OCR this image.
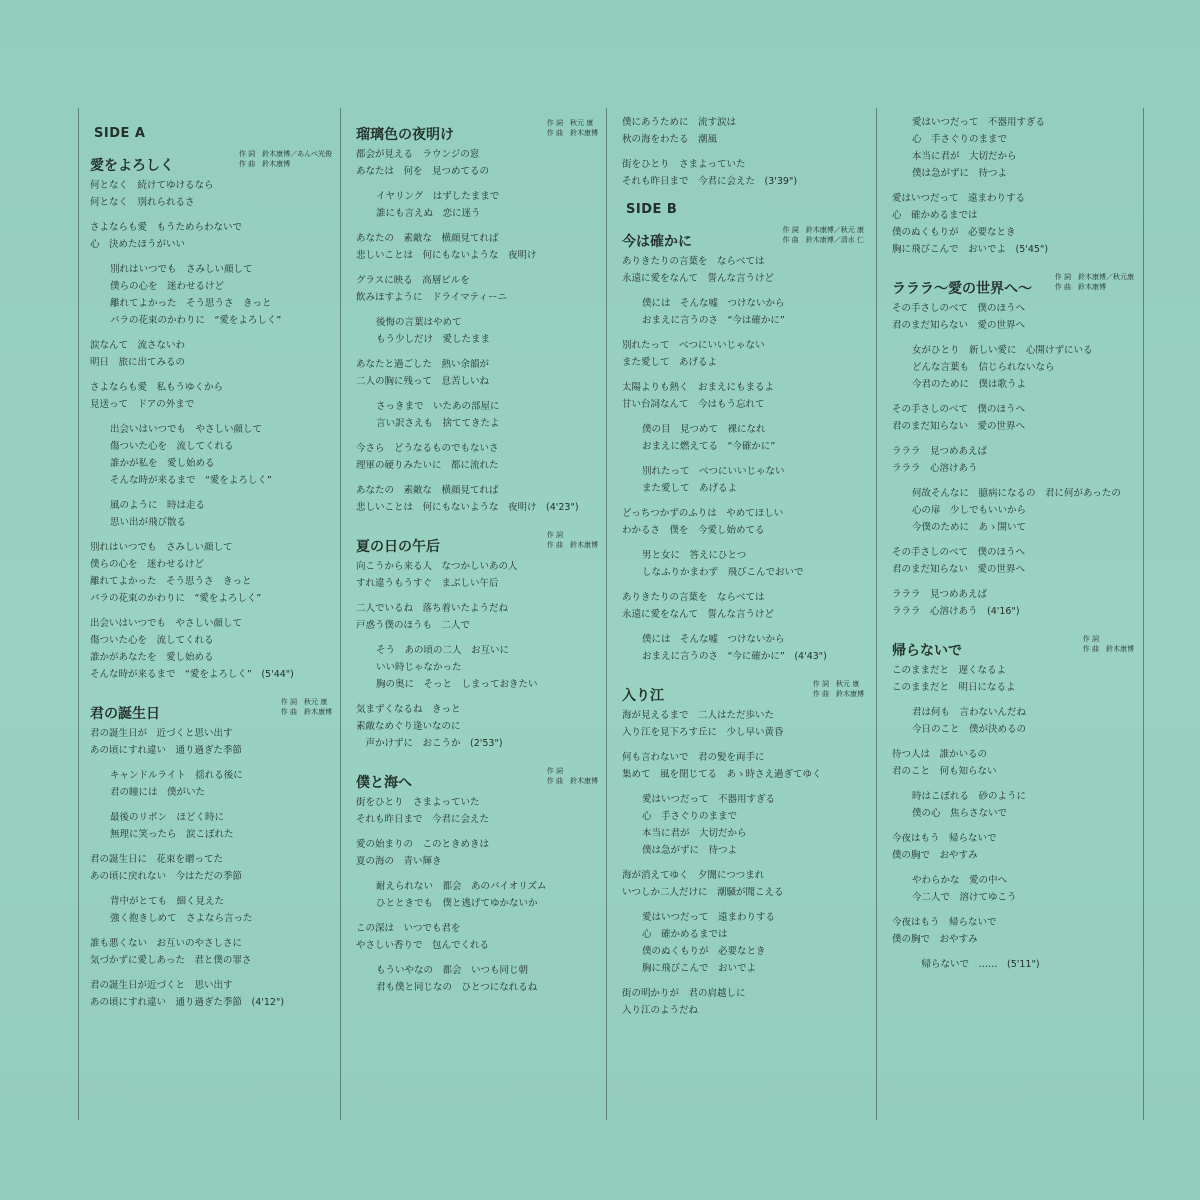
SIDE A
愛をよろしく
作 詞　鈴木康博／あんべ光俊
作 曲　鈴木康博
何となく　続けてゆけるなら
何となく　別れられるさ
さよならも愛　もうためらわないで
心　決めたほうがいい
別れはいつでも　さみしい顔して
僕らの心を　迷わせるけど
離れてよかった　そう思うさ　きっと
バラの花束のかわりに　“愛をよろしく”
涙なんて　流さないわ
明日　旅に出てみるの
さよならも愛　私もうゆくから
見送って　ドアの外まで
出会いはいつでも　やさしい顔して
傷ついた心を　流してくれる
誰かが私を　愛し始める
そんな時が来るまで　“愛をよろしく”
風のように　時は走る
思い出が飛び散る
別れはいつでも　さみしい顔して
僕らの心を　迷わせるけど
離れてよかった　そう思うさ　きっと
バラの花束のかわりに　“愛をよろしく”
出会いはいつでも　やさしい顔して
傷ついた心を　流してくれる
誰かがあなたを　愛し始める
そんな時が来るまで　“愛をよろしく”　(5'44")
君の誕生日
作 詞　秋元 康
作 曲　鈴木康博
君の誕生日が　近づくと思い出す
あの頃にすれ違い　通り過ぎた季節
キャンドルライト　揺れる後に
君の瞳には　僕がいた
最後のリボン　ほどく時に
無理に笑ったら　涙こぼれた
君の誕生日に　花束を贈ってた
あの頃に戻れない　今はただの季節
背中がとても　細く見えた
強く抱きしめて　さよなら言った
誰も悪くない　お互いのやさしさに
気づかずに愛しあった　君と僕の罪さ
君の誕生日が近づくと　思い出す
あの頃にすれ違い　通り過ぎた季節　(4'12")
瑠璃色の夜明け
作 詞　秋元 康
作 曲　鈴木康博
都会が見える　ラウンジの窓
あなたは　何を　見つめてるの
イヤリング　はずしたままで
誰にも言えぬ　恋に迷う
あなたの　素敵な　横顔見てれば
悲しいことは　何にもないような　夜明け
グラスに映る　高層ビルを
飲みほすように　ドライマティーニ
後悔の言葉はやめて
もう少しだけ　愛したまま
あなたと過ごした　熱い余韻が
二人の胸に残って　息苦しいね
さっきまで　いたあの部屋に
言い訳さえも　捨ててきたよ
今さら　どうなるものでもないさ
理軍の硬りみたいに　都に流れた
あなたの　素敵な　横顔見てれば
悲しいことは　何にもないような　夜明け　(4'23")
夏の日の午后
作 詞
作 曲　鈴木康博
向こうから来る人　なつかしいあの人
すれ違うもうすぐ　まぶしい午后
二人でいるね　落ち着いたようだね
戸惑う僕のほうも　二人で
そう　あの頃の二人　お互いに
いい時じゃなかった
胸の奥に　そっと　しまっておきたい
気まずくなるね　きっと
素敵なめぐり逢いなのに
　声かけずに　おこうか　(2'53")
僕と海へ
作 詞
作 曲　鈴木康博
街をひとり　さまよっていた
それも昨日まで　今君に会えた
愛の始まりの　このときめきは
夏の海の　青い輝き
耐えられない　都会　あのバイオリズム
ひとときでも　僕と逃げてゆかないか
この深は　いつでも君を
やさしい香りで　包んでくれる
もういやなの　都会　いつも同じ朝
君も僕と同じなの　ひとつになれるね
僕にあうために　流す涙は
秋の海をわたる　潮風
街をひとり　さまよっていた
それも昨日まで　今君に会えた　(3'39")
SIDE B
今は確かに
作 詞　鈴木康博／秋元 康
作 曲　鈴木康博／清水 仁
ありきたりの言葉を　ならべては
永遠に愛をなんて　誓んな言うけど
僕には　そんな嘘　つけないから
おまえに言うのさ　“今は確かに”
別れたって　べつにいいじゃない
また愛して　あげるよ
太陽よりも熱く　おまえにもまるよ
甘い台詞なんて　今はもう忘れて
僕の目　見つめて　裸になれ
おまえに燃えてる　“今確かに”
別れたって　べつにいいじゃない
また愛して　あげるよ
どっちつかずのふりは　やめてほしい
わかるさ　僕を　今愛し始めてる
男と女に　答えにひとつ
しなふりかまわず　飛びこんでおいで
ありきたりの言葉を　ならべては
永遠に愛をなんて　誓んな言うけど
僕には　そんな嘘　つけないから
おまえに言うのさ　“今に確かに”　(4'43")
入り江
作 詞　秋元 康
作 曲　鈴木康博
海が見えるまで　二人はただ歩いた
入り江を見下ろす丘に　少し早い黄昏
何も言わないで　君の髪を両手に
集めて　風を閉じてる　あゝ時さえ過ぎてゆく
愛はいつだって　不器用すぎる
心　手さぐりのままで
本当に君が　大切だから
僕は急がずに　待つよ
海が消えてゆく　夕闇につつまれ
いつしか二人だけに　潮騒が聞こえる
愛はいつだって　遠まわりする
心　確かめるまでは
僕のぬくもりが　必要なとき
胸に飛びこんで　おいでよ
街の明かりが　君の肩越しに
入り江のようだね
愛はいつだって　不器用すぎる
心　手さぐりのままで
本当に君が　大切だから
僕は急がずに　待つよ
愛はいつだって　遠まわりする
心　確かめるまでは
僕のぬくもりが　必要なとき
胸に飛びこんで　おいでよ　(5'45")
ラララ～愛の世界へ～
作 詞　鈴木康博／秋元康
作 曲　鈴木康博
その手さしのべて　僕のほうへ
君のまだ知らない　愛の世界へ
女がひとり　新しい愛に　心開けずにいる
どんな言葉も　信じられないなら
今君のために　僕は歌うよ
その手さしのべて　僕のほうへ
君のまだ知らない　愛の世界へ
ラララ　見つめあえば
ラララ　心溶けあう
何故そんなに　臆病になるの　君に何があったの
心の扉　少しでもいいから
今僕のために　あゝ開いて
その手さしのべて　僕のほうへ
君のまだ知らない　愛の世界へ
ラララ　見つめあえば
ラララ　心溶けあう　(4'16")
帰らないで
作 詞
作 曲　鈴木康博
このままだと　遅くなるよ
このままだと　明日になるよ
君は何も　言わないんだね
今日のこと　僕が決めるの
待つ人は　誰かいるの
君のこと　何も知らない
時はこぼれる　砂のように
僕の心　焦らさないで
今夜はもう　帰らないで
僕の胸で　おやすみ
やわらかな　愛の中へ
今二人で　溶けてゆこう
今夜はもう　帰らないで
僕の胸で　おやすみ
　帰らないで　……　(5'11")
